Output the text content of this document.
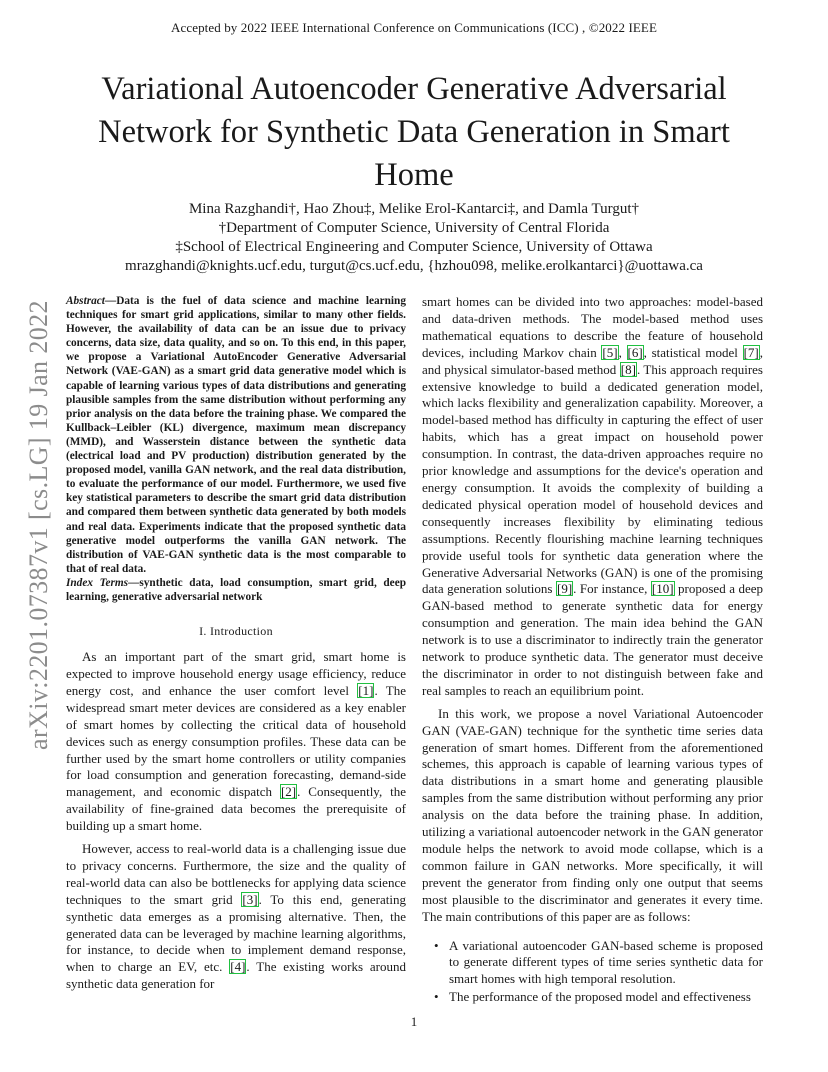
Accepted by 2022 IEEE International Conference on Communications (ICC) , ©2022 IEEE
Variational Autoencoder Generative Adversarial Network for Synthetic Data Generation in Smart Home
Mina Razghandi†, Hao Zhou‡, Melike Erol-Kantarci‡, and Damla Turgut†
†Department of Computer Science, University of Central Florida
‡School of Electrical Engineering and Computer Science, University of Ottawa
mrazghandi@knights.ucf.edu, turgut@cs.ucf.edu, {hzhou098, melike.erolkantarci}@uottawa.ca
arXiv:2201.07387v1 [cs.LG] 19 Jan 2022 Abstract—Data is the fuel of data science and machine learning techniques for smart grid applications, similar to many other fields. However, the availability of data can be an issue due to privacy concerns, data size, data quality, and so on. To this end, in this paper, we propose a Variational AutoEncoder Generative Adversarial Network (VAE-GAN) as a smart grid data generative model which is capable of learning various types of data distributions and generating plausible samples from the same distribution without performing any prior analysis on the data before the training phase. We compared the Kullback–Leibler (KL) divergence, maximum mean discrepancy (MMD), and Wasserstein distance between the synthetic data (electrical load and PV production) distribution generated by the proposed model, vanilla GAN network, and the real data distribution, to evaluate the performance of our model. Furthermore, we used five key statistical parameters to describe the smart grid data distribution and compared them between synthetic data generated by both models and real data. Experiments indicate that the proposed synthetic data generative model outperforms the vanilla GAN network. The distribution of VAE-GAN synthetic data is the most comparable to that of real data.

Index Terms—synthetic data, load consumption, smart grid, deep learning, generative adversarial network

I. Introduction

As an important part of the smart grid, smart home is expected to improve household energy usage efficiency, reduce energy cost, and enhance the user comfort level [1]. The widespread smart meter devices are considered as a key enabler of smart homes by collecting the critical data of household devices such as energy consumption profiles. These data can be further used by the smart home controllers or utility companies for load consumption and generation forecasting, demand-side management, and economic dispatch [2]. Consequently, the availability of fine-grained data becomes the prerequisite of building up a smart home.

However, access to real-world data is a challenging issue due to privacy concerns. Furthermore, the size and the quality of real-world data can also be bottlenecks for applying data science techniques to the smart grid [3]. To this end, generating synthetic data emerges as a promising alternative. Then, the generated data can be leveraged by machine learning algorithms, for instance, to decide when to implement demand response, when to charge an EV, etc. [4]. The existing works around synthetic data generation for

smart homes can be divided into two approaches: model-based and data-driven methods. The model-based method uses mathematical equations to describe the feature of household devices, including Markov chain [5], [6], statistical model [7], and physical simulator-based method [8]. This approach requires extensive knowledge to build a dedicated generation model, which lacks flexibility and generalization capability. Moreover, a model-based method has difficulty in capturing the effect of user habits, which has a great impact on household power consumption. In contrast, the data-driven approaches require no prior knowledge and assumptions for the device's operation and energy consumption. It avoids the complexity of building a dedicated physical operation model of household devices and consequently increases flexibility by eliminating tedious assumptions. Recently flourishing machine learning techniques provide useful tools for synthetic data generation where the Generative Adversarial Networks (GAN) is one of the promising data generation solutions [9]. For instance, [10] proposed a deep GAN-based method to generate synthetic data for energy consumption and generation. The main idea behind the GAN network is to use a discriminator to indirectly train the generator network to produce synthetic data. The generator must deceive the discriminator in order to not distinguish between fake and real samples to reach an equilibrium point.

In this work, we propose a novel Variational Autoencoder GAN (VAE-GAN) technique for the synthetic time series data generation of smart homes. Different from the aforementioned schemes, this approach is capable of learning various types of data distributions in a smart home and generating plausible samples from the same distribution without performing any prior analysis on the data before the training phase. In addition, utilizing a variational autoencoder network in the GAN generator module helps the network to avoid mode collapse, which is a common failure in GAN networks. More specifically, it will prevent the generator from finding only one output that seems most plausible to the discriminator and generates it every time. The main contributions of this paper are as follows:

• A variational autoencoder GAN-based scheme is proposed to generate different types of time series synthetic data for smart homes with high temporal resolution.
• The performance of the proposed model and effectiveness
1
